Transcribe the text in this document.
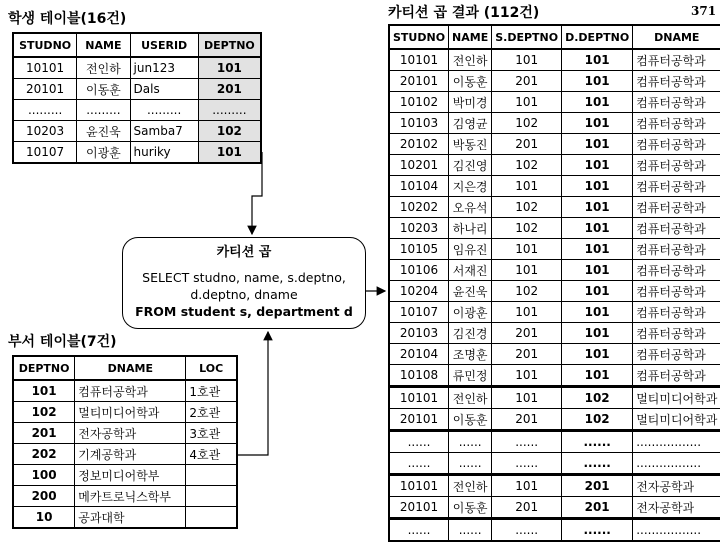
371
학생 테이블(16건)
STUDNO	NAME	USERID	DEPTNO
10101	전인하	jun123	101
20101	이동훈	Dals	201
.........	.........	.........	.........
10203	윤진욱	Samba7	102
10107	이광훈	huriky	101
카티션 곱
SELECT studno, name, s.deptno,
d.deptno, dname
FROM student s, department d
부서 테이블(7건)
DEPTNO	DNAME	LOC
101	컴퓨터공학과	1호관
102	멀티미디어학과	2호관
201	전자공학과	3호관
202	기계공학과	4호관
100	정보미디어학부	
200	메카트로닉스학부	
10	공과대학	
카티션 곱 결과 (112건)
STUDNO	NAME	S.DEPTNO	D.DEPTNO	DNAME
10101	전인하	101	101	컴퓨터공학과
20101	이동훈	201	101	컴퓨터공학과
10102	박미경	101	101	컴퓨터공학과
10103	김영균	102	101	컴퓨터공학과
20102	박동진	201	101	컴퓨터공학과
10201	김진영	102	101	컴퓨터공학과
10104	지은경	101	101	컴퓨터공학과
10202	오유석	102	101	컴퓨터공학과
10203	하나리	102	101	컴퓨터공학과
10105	임유진	101	101	컴퓨터공학과
10106	서재진	101	101	컴퓨터공학과
10204	윤진욱	102	101	컴퓨터공학과
10107	이광훈	101	101	컴퓨터공학과
20103	김진경	201	101	컴퓨터공학과
20104	조명훈	201	101	컴퓨터공학과
10108	류민정	101	101	컴퓨터공학과
10101	전인하	101	102	멀티미디어학과
20101	이동훈	201	102	멀티미디어학과
......	......	......	......	.................
......	......	......	......	.................
10101	전인하	101	201	전자공학과
20101	이동훈	201	201	전자공학과
......	......	......	......	.................
